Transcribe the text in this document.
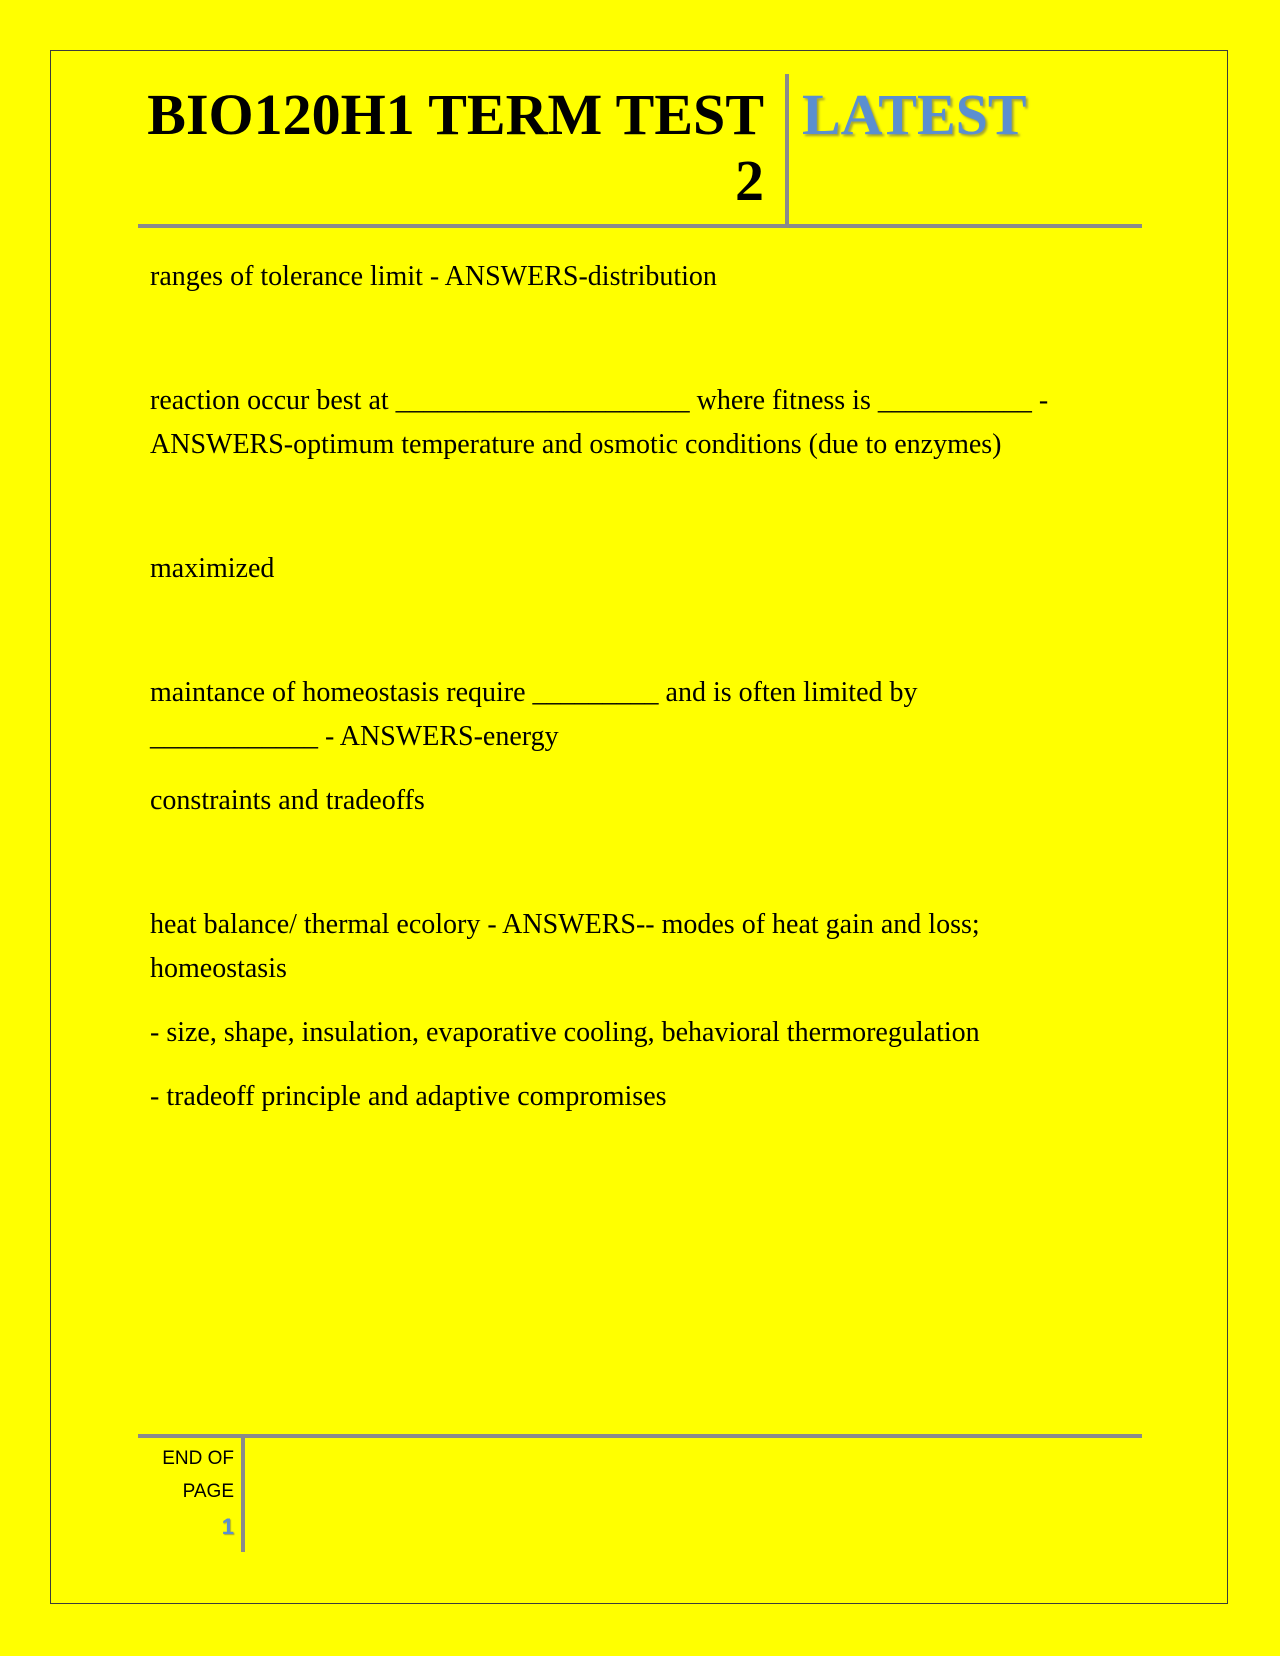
BIO120H1 TERM TEST
2
LATEST

ranges of tolerance limit - ANSWERS-distribution

reaction occur best at _____________________ where fitness is ___________ - ANSWERS-optimum temperature and osmotic conditions (due to enzymes)

maximized

maintance of homeostasis require _________ and is often limited by ____________ - ANSWERS-energy

constraints and tradeoffs

heat balance/ thermal ecolory - ANSWERS-- modes of heat gain and loss; homeostasis

- size, shape, insulation, evaporative cooling, behavioral thermoregulation

- tradeoff principle and adaptive compromises

END OF
PAGE
1
